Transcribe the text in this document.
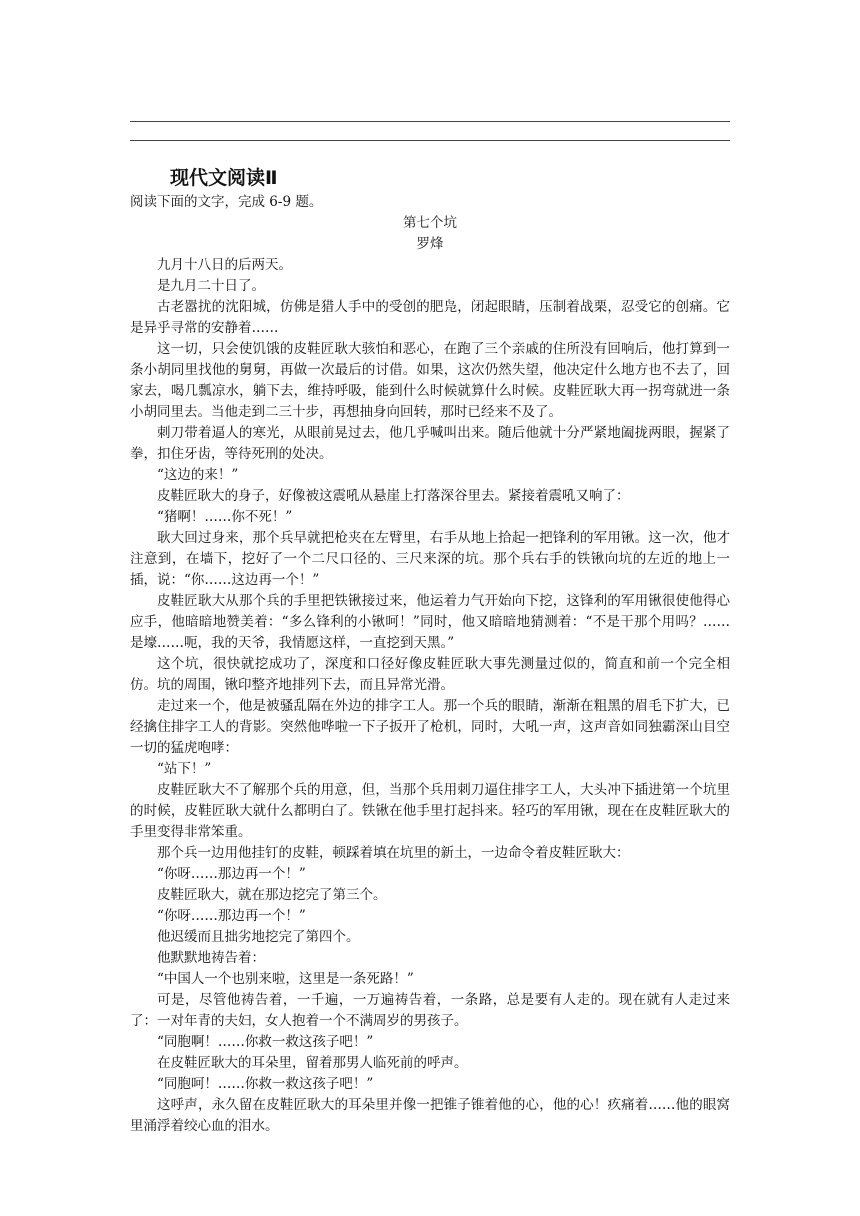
现代文阅读Ⅱ

阅读下面的文字，完成 6-9 题。

第七个坑

罗烽

九月十八日的后两天。

是九月二十日了。

古老嚣扰的沈阳城，仿佛是猎人手中的受创的肥凫，闭起眼睛，压制着战栗，忍受它的创痛。它是异乎寻常的安静着……

这一切，只会使饥饿的皮鞋匠耿大骇怕和恶心，在跑了三个亲戚的住所没有回响后，他打算到一条小胡同里找他的舅舅，再做一次最后的讨借。如果，这次仍然失望，他决定什么地方也不去了，回家去，喝几瓢凉水，躺下去，维持呼吸，能到什么时候就算什么时候。皮鞋匠耿大再一拐弯就进一条小胡同里去。当他走到二三十步，再想抽身向回转，那时已经来不及了。

刺刀带着逼人的寒光，从眼前晃过去，他几乎喊叫出来。随后他就十分严紧地阖拢两眼，握紧了拳，扣住牙齿，等待死刑的处决。

“这边的来！”

皮鞋匠耿大的身子，好像被这震吼从悬崖上打落深谷里去。紧接着震吼又响了：

“猪啊！……你不死！”

耿大回过身来，那个兵早就把枪夹在左臂里，右手从地上拾起一把锋利的军用锹。这一次，他才注意到，在墙下，挖好了一个二尺口径的、三尺来深的坑。那个兵右手的铁锹向坑的左近的地上一插，说：“你……这边再一个！”

皮鞋匠耿大从那个兵的手里把铁锹接过来，他运着力气开始向下挖，这锋利的军用锹很使他得心应手，他暗暗地赞美着：“多么锋利的小锹呵！”同时，他又暗暗地猜测着：“不是干那个用吗？……是壕……呃，我的天爷，我情愿这样，一直挖到天黑。”

这个坑，很快就挖成功了，深度和口径好像皮鞋匠耿大事先测量过似的，简直和前一个完全相仿。坑的周围，锹印整齐地排列下去，而且异常光滑。

走过来一个，他是被骚乱隔在外边的排字工人。那一个兵的眼睛，渐渐在粗黑的眉毛下扩大，已经擒住排字工人的背影。突然他哗啦一下子扳开了枪机，同时，大吼一声，这声音如同独霸深山目空一切的猛虎咆哮：

“站下！”

皮鞋匠耿大不了解那个兵的用意，但，当那个兵用刺刀逼住排字工人，大头冲下插进第一个坑里的时候，皮鞋匠耿大就什么都明白了。铁锹在他手里打起抖来。轻巧的军用锹，现在在皮鞋匠耿大的手里变得非常笨重。

那个兵一边用他挂钉的皮鞋，顿踩着填在坑里的新土，一边命令着皮鞋匠耿大：

“你呀……那边再一个！”

皮鞋匠耿大，就在那边挖完了第三个。

“你呀……那边再一个！”

他迟缓而且拙劣地挖完了第四个。

他默默地祷告着：

“中国人一个也别来啦，这里是一条死路！”

可是，尽管他祷告着，一千遍，一万遍祷告着，一条路，总是要有人走的。现在就有人走过来了：一对年青的夫妇，女人抱着一个不满周岁的男孩子。

“同胞啊！……你救一救这孩子吧！”

在皮鞋匠耿大的耳朵里，留着那男人临死前的呼声。

“同胞呵！……你救一救这孩子吧！”

这呼声，永久留在皮鞋匠耿大的耳朵里并像一把锥子锥着他的心，他的心！疚痛着……他的眼窝里涌浮着绞心血的泪水。
